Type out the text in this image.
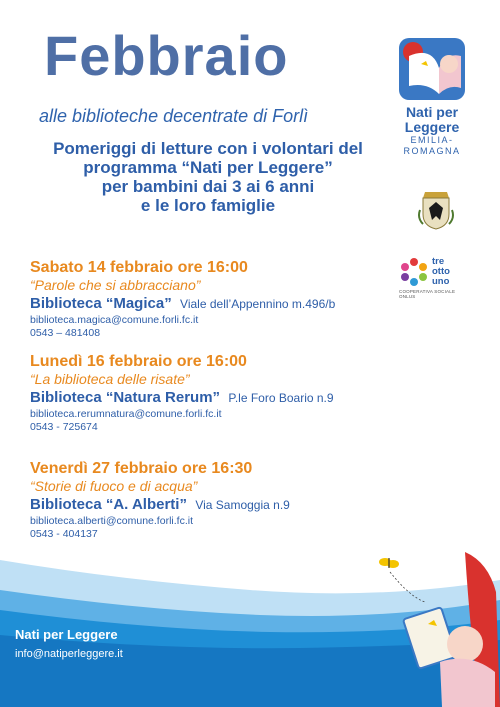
Febbraio
alle biblioteche decentrate di Forlì
Pomeriggi di letture con i volontari del
programma “Nati per Leggere”
per bambini dai 3 ai 6 anni
e le loro famiglie
Sabato 14 febbraio ore 16:00
“Parole che si abbracciano”
Biblioteca “Magica” Viale dell’Appennino m.496/b
biblioteca.magica@comune.forli.fc.it
0543 – 481408
Lunedì 16 febbraio ore 16:00
“La biblioteca delle risate”
Biblioteca “Natura Rerum” P.le Foro Boario n.9
biblioteca.rerumnatura@comune.forli.fc.it
0543 - 725674
Venerdì 27 febbraio ore 16:30
“Storie di fuoco e di acqua”
Biblioteca “A. Alberti” Via Samoggia n.9
biblioteca.alberti@comune.forli.fc.it
0543 - 404137
Nati per
Leggere
EMILIA-
ROMAGNA
tre
otto
uno
COOPERATIVA SOCIALE ONLUS
Nati per Leggere
info@natiperleggere.it
